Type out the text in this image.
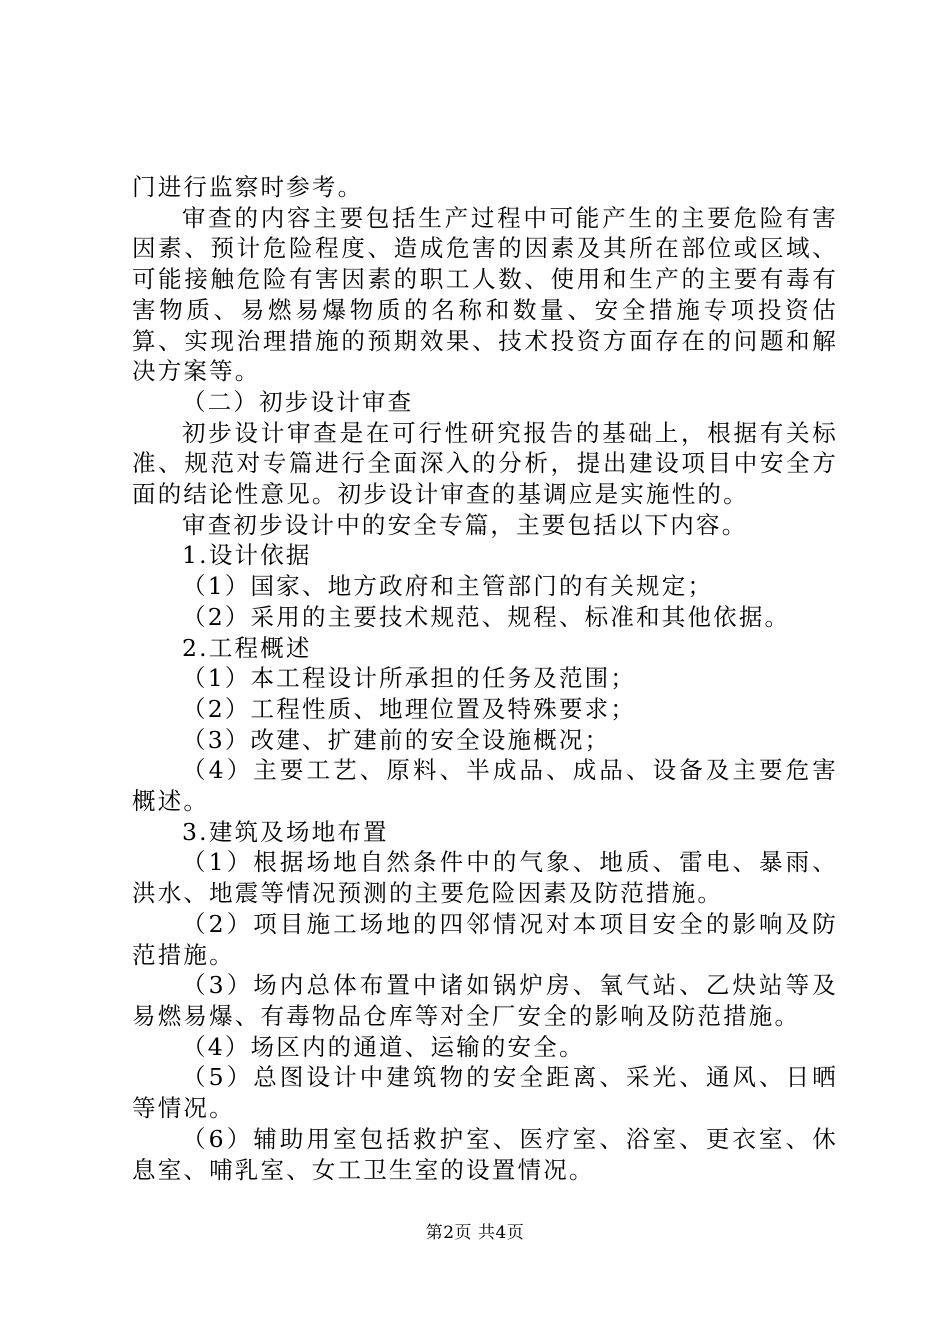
门进行监察时参考。

审查的内容主要包括生产过程中可能产生的主要危险有害因素、预计危险程度、造成危害的因素及其所在部位或区域、可能接触危险有害因素的职工人数、使用和生产的主要有毒有害物质、易燃易爆物质的名称和数量、安全措施专项投资估算、实现治理措施的预期效果、技术投资方面存在的问题和解决方案等。

（二）初步设计审查

初步设计审查是在可行性研究报告的基础上，根据有关标准、规范对专篇进行全面深入的分析，提出建设项目中安全方面的结论性意见。初步设计审查的基调应是实施性的。

审查初步设计中的安全专篇，主要包括以下内容。

1.设计依据

（1）国家、地方政府和主管部门的有关规定；

（2）采用的主要技术规范、规程、标准和其他依据。

2.工程概述

（1）本工程设计所承担的任务及范围；

（2）工程性质、地理位置及特殊要求；

（3）改建、扩建前的安全设施概况；

（4）主要工艺、原料、半成品、成品、设备及主要危害概述。

3.建筑及场地布置

（1）根据场地自然条件中的气象、地质、雷电、暴雨、洪水、地震等情况预测的主要危险因素及防范措施。

（2）项目施工场地的四邻情况对本项目安全的影响及防范措施。

（3）场内总体布置中诸如锅炉房、氧气站、乙炔站等及易燃易爆、有毒物品仓库等对全厂安全的影响及防范措施。

（4）场区内的通道、运输的安全。

（5）总图设计中建筑物的安全距离、采光、通风、日晒等情况。

（6）辅助用室包括救护室、医疗室、浴室、更衣室、休息室、哺乳室、女工卫生室的设置情况。

第2页 共4页
